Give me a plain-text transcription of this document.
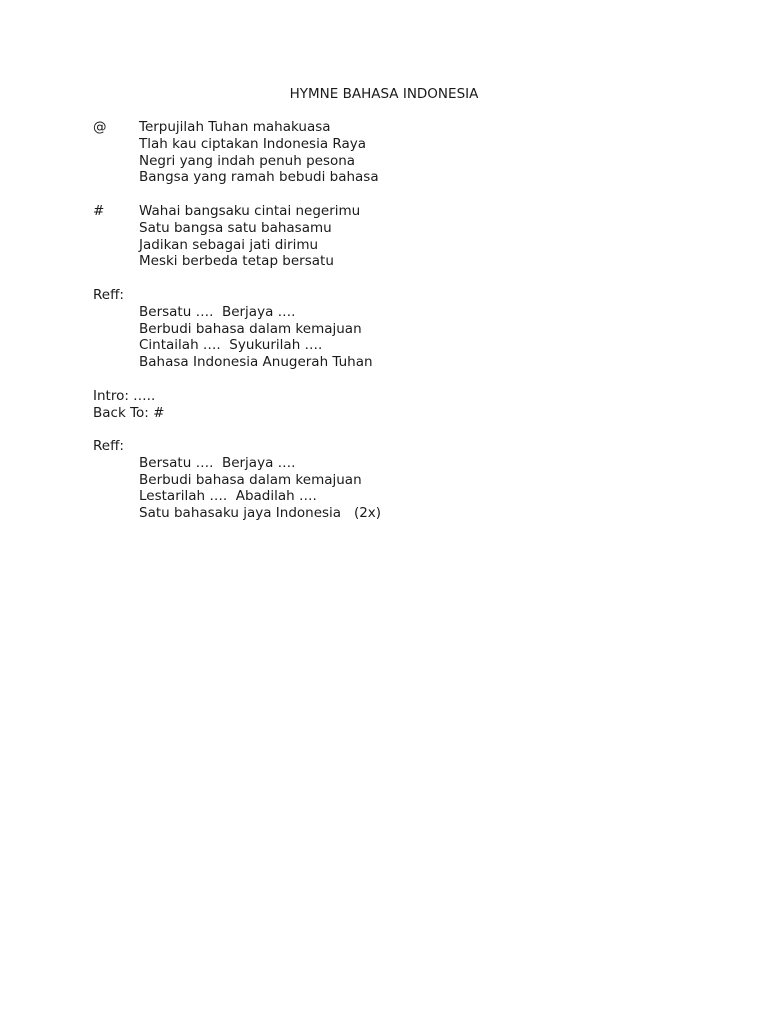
HYMNE BAHASA INDONESIA
@	Terpujilah Tuhan mahakuasa
Tlah kau ciptakan Indonesia Raya
Negri yang indah penuh pesona
Bangsa yang ramah bebudi bahasa
#	Wahai bangsaku cintai negerimu
Satu bangsa satu bahasamu
Jadikan sebagai jati dirimu
Meski berbeda tetap bersatu
Reff:
Bersatu ….  Berjaya ….
Berbudi bahasa dalam kemajuan
Cintailah ….  Syukurilah ….
Bahasa Indonesia Anugerah Tuhan
Intro: …..
Back To: #
Reff:
Bersatu ….  Berjaya ….
Berbudi bahasa dalam kemajuan
Lestarilah ….  Abadilah ….
Satu bahasaku jaya Indonesia   (2x)
